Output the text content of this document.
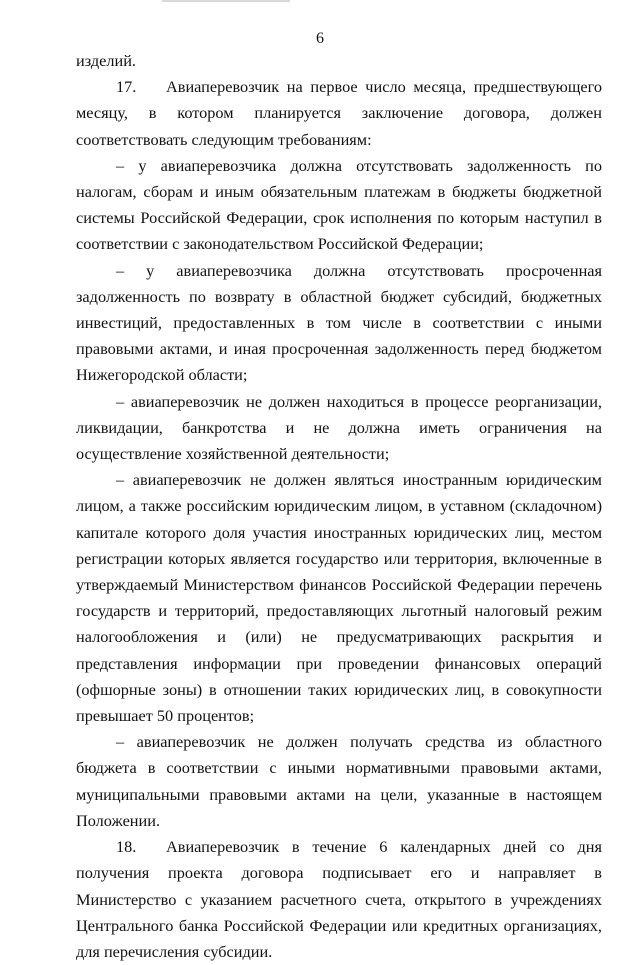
6

изделий.

17. Авиаперевозчик на первое число месяца, предшествующего месяцу, в котором планируется заключение договора, должен соответствовать следующим требованиям:

– у авиаперевозчика должна отсутствовать задолженность по налогам, сборам и иным обязательным платежам в бюджеты бюджетной системы Российской Федерации, срок исполнения по которым наступил в соответствии с законодательством Российской Федерации;

– у авиаперевозчика должна отсутствовать просроченная задолженность по возврату в областной бюджет субсидий, бюджетных инвестиций, предоставленных в том числе в соответствии с иными правовыми актами, и иная просроченная задолженность перед бюджетом Нижегородской области;

– авиаперевозчик не должен находиться в процессе реорганизации, ликвидации, банкротства и не должна иметь ограничения на осуществление хозяйственной деятельности;

– авиаперевозчик не должен являться иностранным юридическим лицом, а также российским юридическим лицом, в уставном (складочном) капитале которого доля участия иностранных юридических лиц, местом регистрации которых является государство или территория, включенные в утверждаемый Министерством финансов Российской Федерации перечень государств и территорий, предоставляющих льготный налоговый режим налогообложения и (или) не предусматривающих раскрытия и представления информации при проведении финансовых операций (офшорные зоны) в отношении таких юридических лиц, в совокупности превышает 50 процентов;

– авиаперевозчик не должен получать средства из областного бюджета в соответствии с иными нормативными правовыми актами, муниципальными правовыми актами на цели, указанные в настоящем Положении.

18. Авиаперевозчик в течение 6 календарных дней со дня получения проекта договора подписывает его и направляет в Министерство с указанием расчетного счета, открытого в учреждениях Центрального банка Российской Федерации или кредитных организациях, для перечисления субсидии.
